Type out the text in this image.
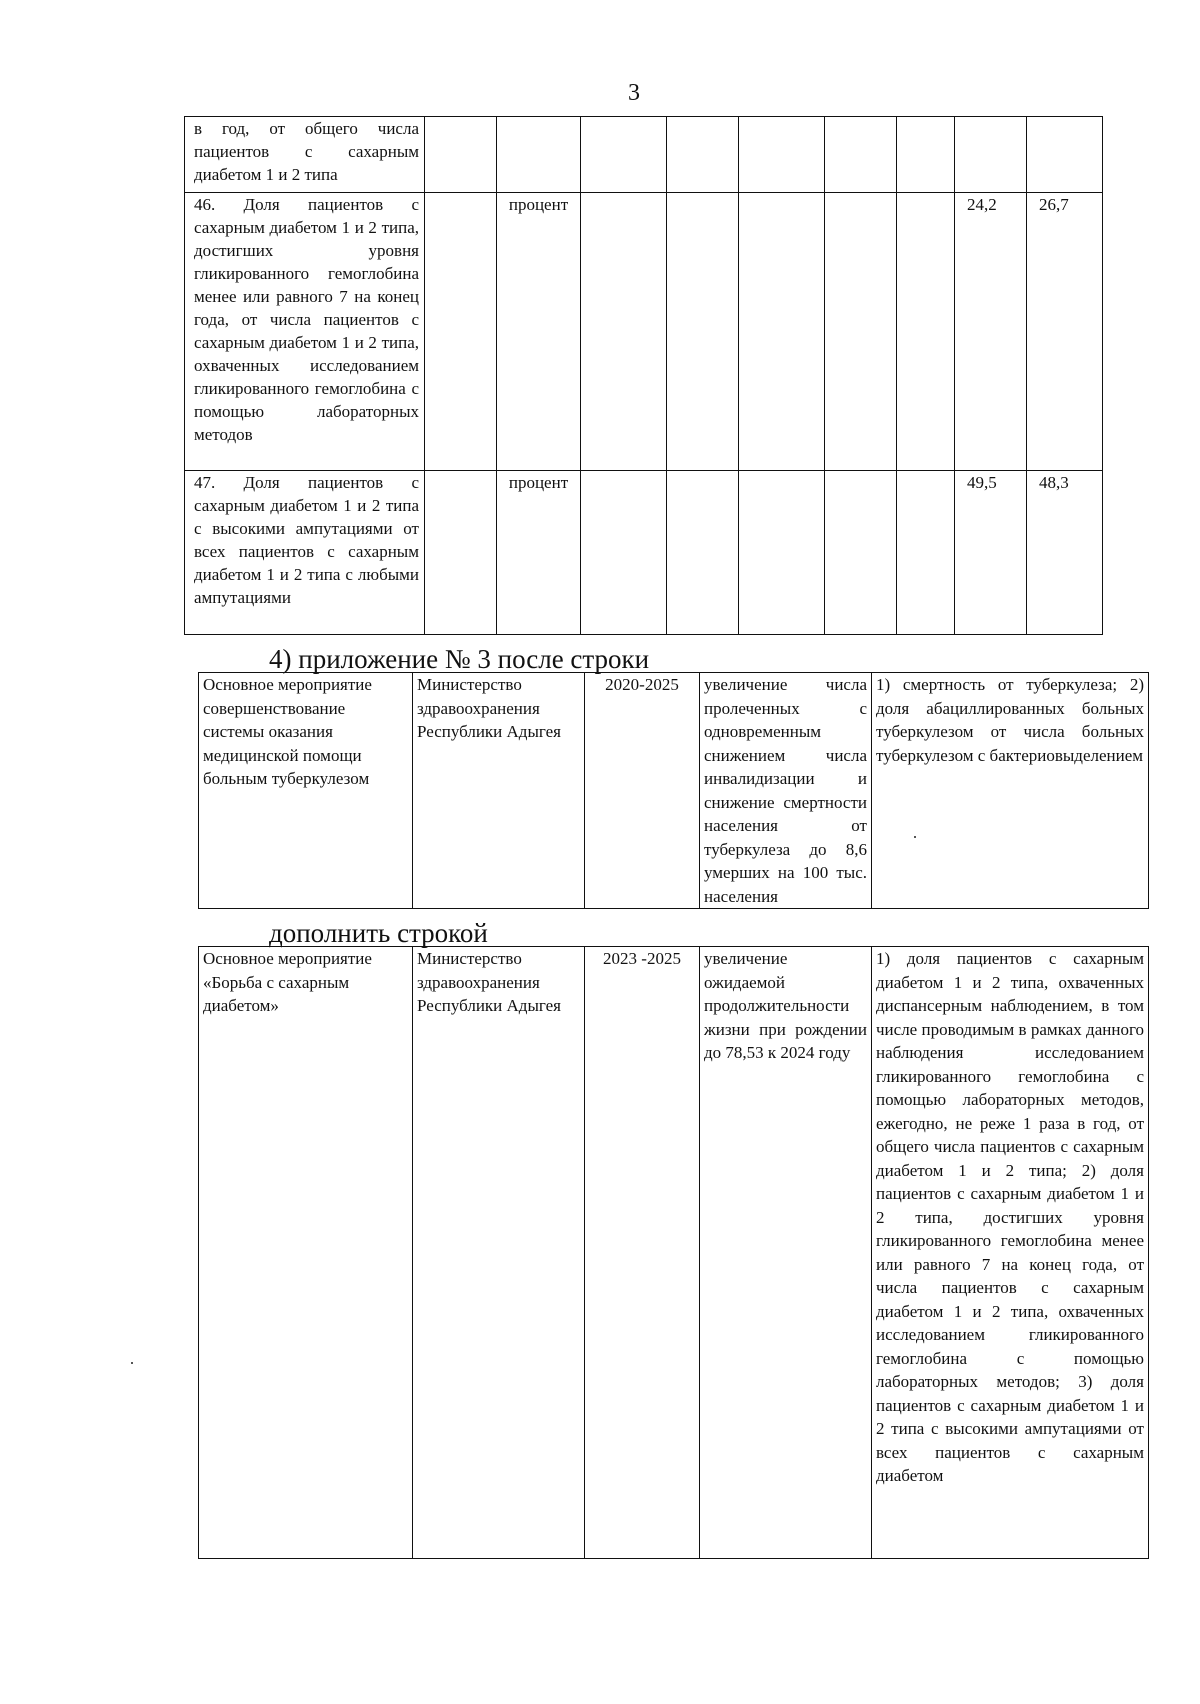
3
в год, от общего числа пациентов с сахарным диабетом 1 и 2 типа									
46. Доля пациентов с сахарным диабетом 1 и 2 типа, достигших уровня гликированного гемоглобина менее или равного 7 на конец года, от числа пациентов с сахарным диабетом 1 и 2 типа, охваченных исследованием гликированного гемоглобина с помощью лабораторных методов		процент						24,2	26,7
47. Доля пациентов с сахарным диабетом 1 и 2 типа с высокими ампутациями от всех пациентов с сахарным диабетом 1 и 2 типа с любыми ампутациями		процент						49,5	48,3
4) приложение № 3 после строки
Основное мероприятие совершенствование системы оказания медицинской помощи больным туберкулезом	Министерство здравоохранения Республики Адыгея	2020-2025	увеличение числа пролеченных с одновременным снижением числа инвалидизации и снижение смертности населения от туберкулеза до 8,6 умерших на 100 тыс. населения	1) смертность от туберкулеза; 2) доля абациллированных больных туберкулезом от числа больных туберкулезом с бактериовыделением
дополнить строкой
Основное мероприятие «Борьба с сахарным диабетом»	Министерство здравоохранения Республики Адыгея	2023 -2025	увеличение ожидаемой продолжительности жизни при рождении до 78,53 к 2024 году	1) доля пациентов с сахарным диабетом 1 и 2 типа, охваченных диспансерным наблюдением, в том числе проводимым в рамках данного наблюдения исследованием гликированного гемоглобина с помощью лабораторных методов, ежегодно, не реже 1 раза в год, от общего числа пациентов с сахарным диабетом 1 и 2 типа; 2) доля пациентов с сахарным диабетом 1 и 2 типа, достигших уровня гликированного гемоглобина менее или равного 7 на конец года, от числа пациентов с сахарным диабетом 1 и 2 типа, охваченных исследованием гликированного гемоглобина с помощью лабораторных методов; 3) доля пациентов с сахарным диабетом 1 и 2 типа с высокими ампутациями от всех пациентов с сахарным диабетом
